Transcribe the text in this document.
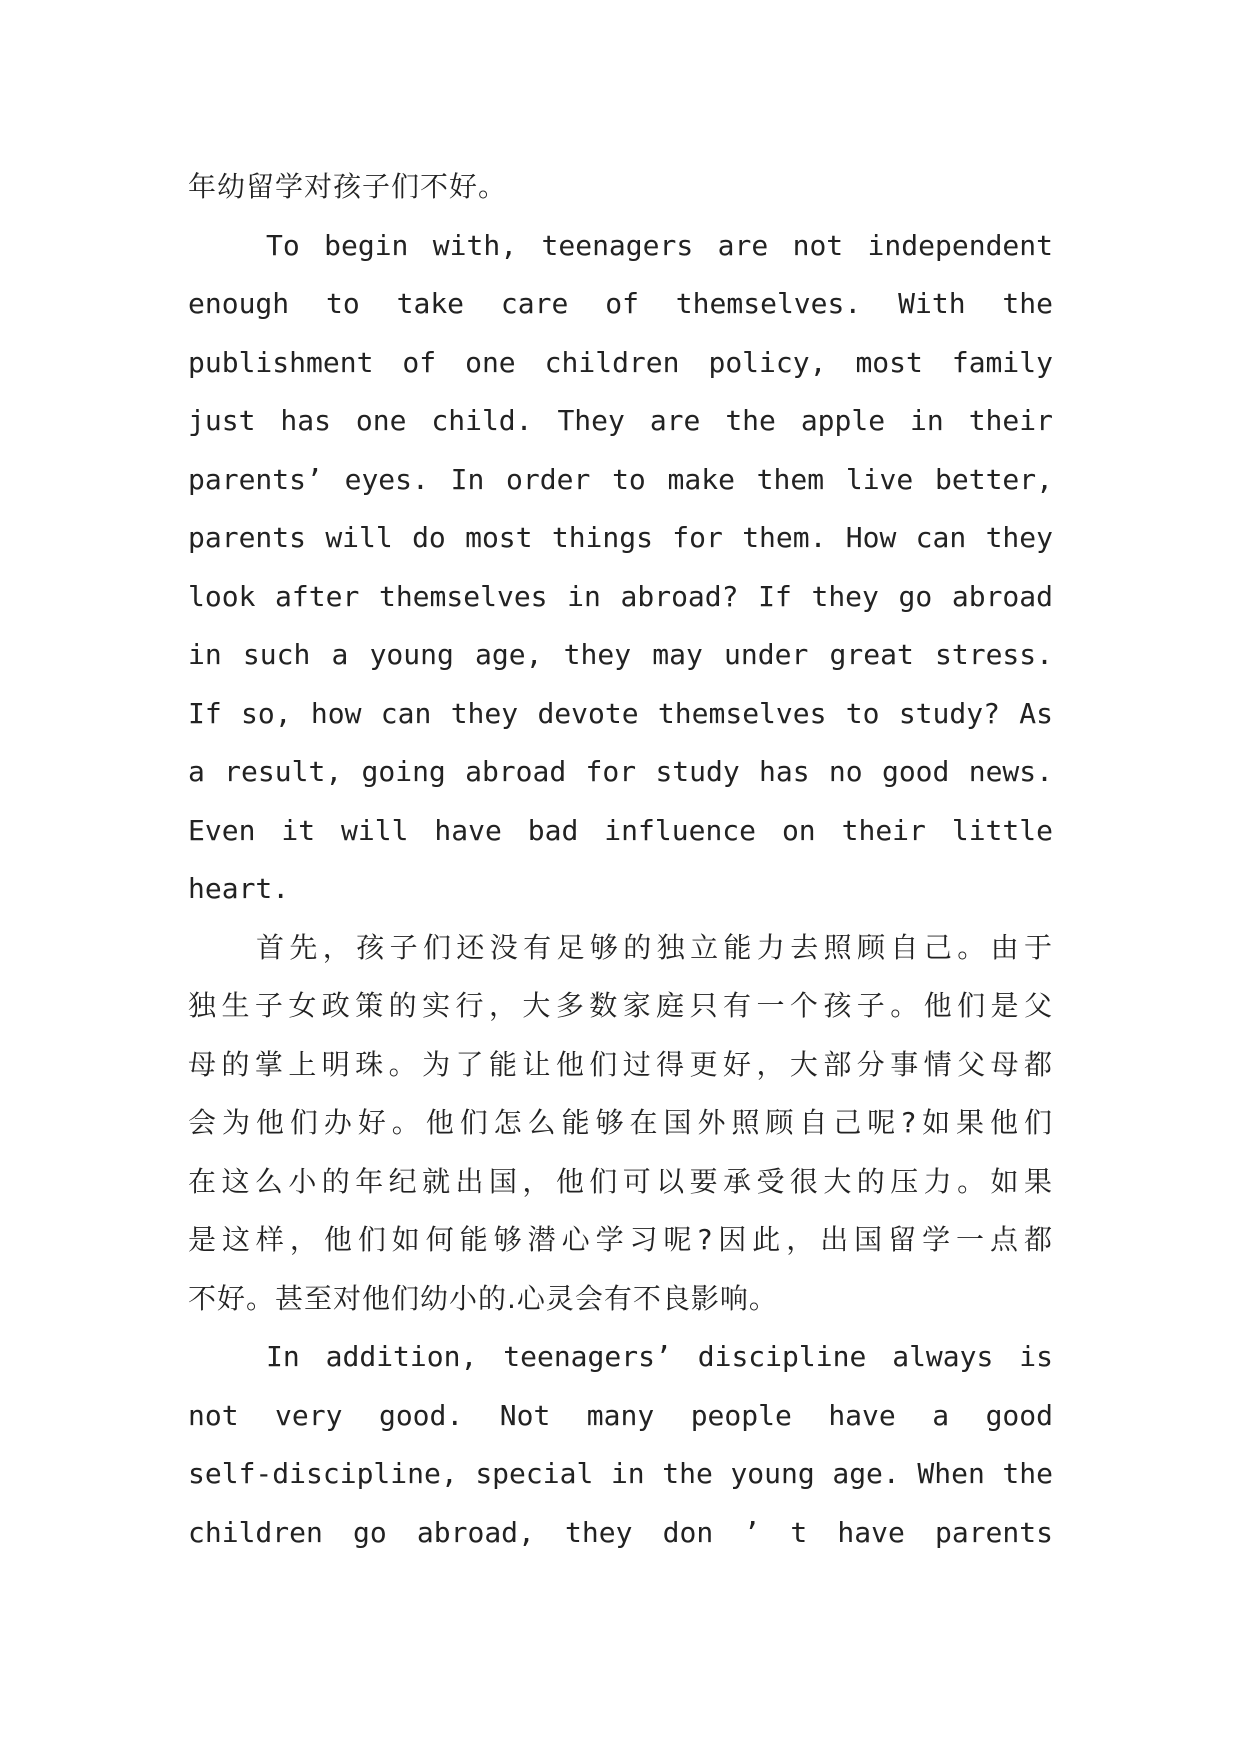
年幼留学对孩子们不好。
To begin with, teenagers are not independent
enough to take care of themselves. With the
publishment of one children policy, most family
just has one child. They are the apple in their
parents’ eyes. In order to make them live better,
parents will do most things for them. How can they
look after themselves in abroad? If they go abroad
in such a young age, they may under great stress.
If so, how can they devote themselves to study? As
a result, going abroad for study has no good news.
Even it will have bad influence on their little
heart.
首先，孩子们还没有足够的独立能力去照顾自己。由于
独生子女政策的实行，大多数家庭只有一个孩子。他们是父
母的掌上明珠。为了能让他们过得更好，大部分事情父母都
会为他们办好。他们怎么能够在国外照顾自己呢?如果他们
在这么小的年纪就出国，他们可以要承受很大的压力。如果
是这样，他们如何能够潜心学习呢?因此，出国留学一点都
不好。甚至对他们幼小的.心灵会有不良影响。
In addition, teenagers’ discipline always is
not very good. Not many people have a good
self-discipline, special in the young age. When the
children go abroad, they don ’ t have parents
